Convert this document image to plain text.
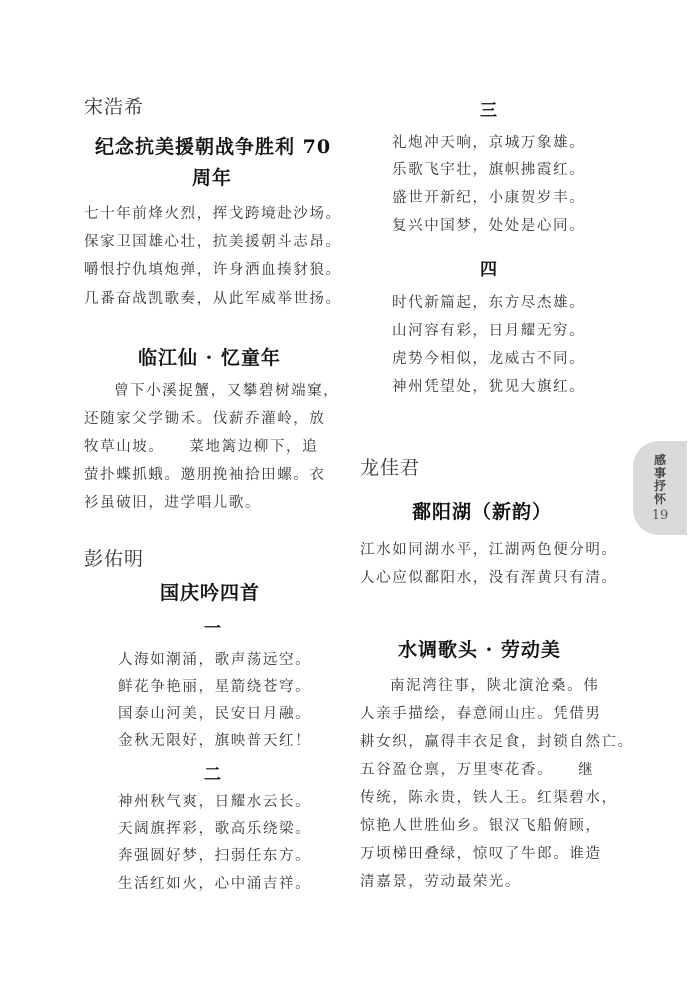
宋浩希
纪念抗美援朝战争胜利 70
周年
七十年前烽火烈，挥戈跨境赴沙场。
保家卫国雄心壮，抗美援朝斗志昂。
嚼恨拧仇填炮弹，许身洒血揍豺狼。
几番奋战凯歌奏，从此军威举世扬。
临江仙 · 忆童年
曾下小溪捉蟹，又攀碧树端窠，
还随家父学锄禾。伐薪乔灌岭，放
牧草山坡。　　菜地篱边柳下，追
萤扑蝶抓蛾。邀朋挽袖拾田螺。衣
衫虽破旧，进学唱儿歌。
彭佑明
国庆吟四首
一
人海如潮涌，歌声荡远空。
鲜花争艳丽，星箭绕苍穹。
国泰山河美，民安日月融。
金秋无限好，旗映普天红！
二
神州秋气爽，日耀水云长。
天阔旗挥彩，歌高乐绕梁。
奔强圆好梦，扫弱任东方。
生活红如火，心中涌吉祥。
三
礼炮冲天响，京城万象雄。
乐歌飞宇壮，旗帜拂霞红。
盛世开新纪，小康贺岁丰。
复兴中国梦，处处是心同。
四
时代新篇起，东方尽杰雄。
山河容有彩，日月耀无穷。
虎势今相似，龙威古不同。
神州凭望处，犹见大旗红。
龙佳君
鄱阳湖（新韵）
江水如同湖水平，江湖两色便分明。
人心应似鄱阳水，没有浑黄只有清。
水调歌头 · 劳动美
南泥湾往事，陕北演沧桑。伟
人亲手描绘，春意闹山庄。凭借男
耕女织，赢得丰衣足食，封锁自然亡。
五谷盈仓禀，万里枣花香。　　继
传统，陈永贵，铁人王。红渠碧水，
惊艳人世胜仙乡。银汉飞船俯顾，
万顷梯田叠绿，惊叹了牛郎。谁造
清嘉景，劳动最荣光。
感
事
抒
怀
19
